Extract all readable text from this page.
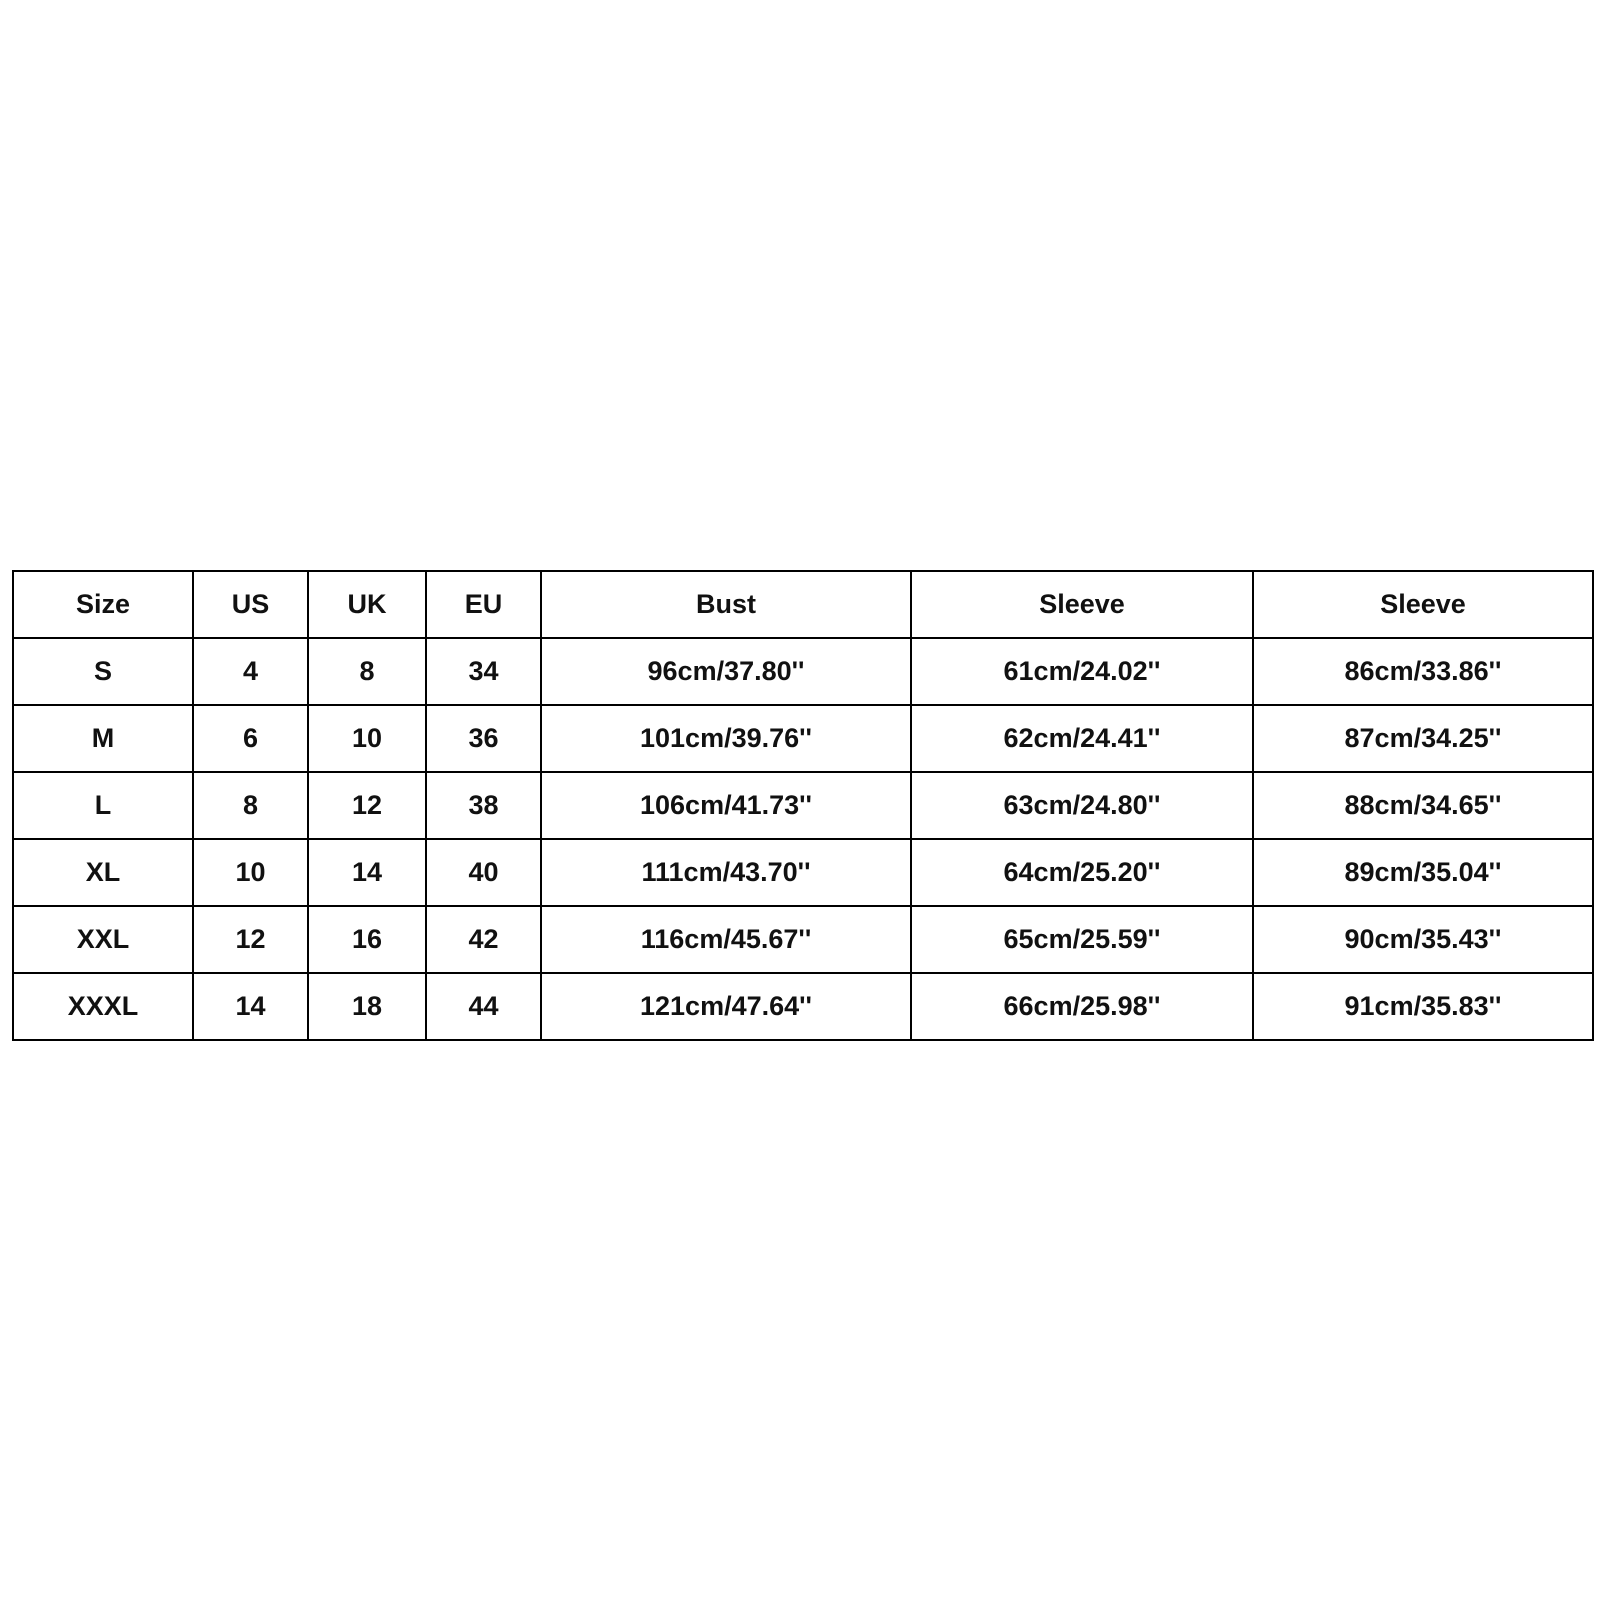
Size	US	UK	EU	Bust	Sleeve	Sleeve
S	4	8	34	96cm/37.80''	61cm/24.02''	86cm/33.86''
M	6	10	36	101cm/39.76''	62cm/24.41''	87cm/34.25''
L	8	12	38	106cm/41.73''	63cm/24.80''	88cm/34.65''
XL	10	14	40	111cm/43.70''	64cm/25.20''	89cm/35.04''
XXL	12	16	42	116cm/45.67''	65cm/25.59''	90cm/35.43''
XXXL	14	18	44	121cm/47.64''	66cm/25.98''	91cm/35.83''
